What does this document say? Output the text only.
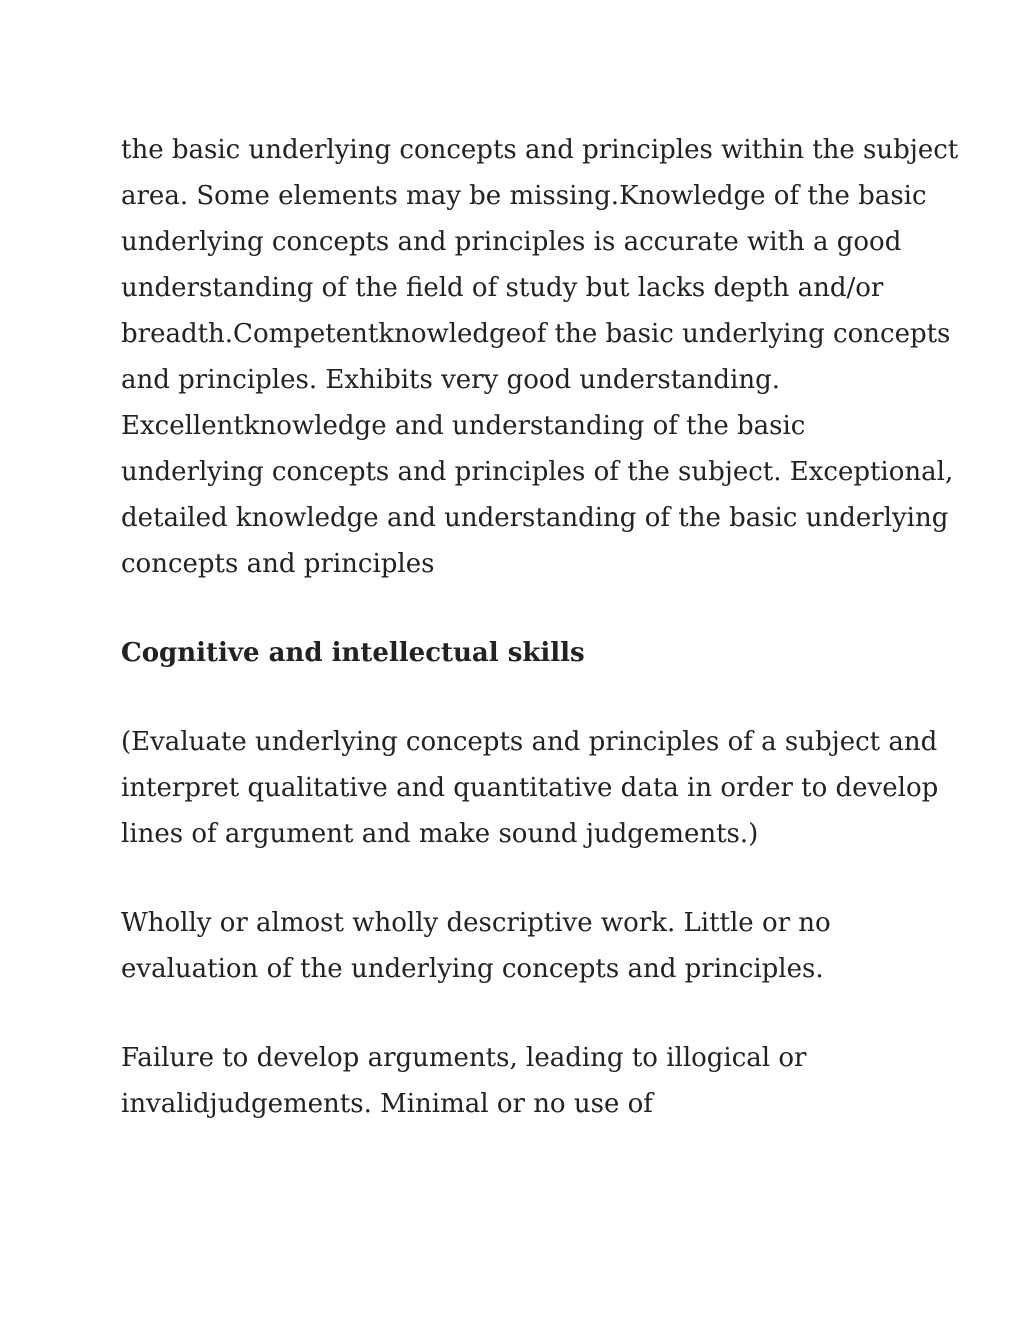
the basic underlying concepts and principles within the subject
area. Some elements may be missing.Knowledge of the basic
underlying concepts and principles is accurate with a good
understanding of the field of study but lacks depth and/or
breadth.Competentknowledgeof the basic underlying concepts
and principles. Exhibits very good understanding.
Excellentknowledge and understanding of the basic
underlying concepts and principles of the subject. Exceptional,
detailed knowledge and understanding of the basic underlying
concepts and principles

Cognitive and intellectual skills

(Evaluate underlying concepts and principles of a subject and
interpret qualitative and quantitative data in order to develop
lines of argument and make sound judgements.)

Wholly or almost wholly descriptive work. Little or no
evaluation of the underlying concepts and principles.

Failure to develop arguments, leading to illogical or
invalidjudgements. Minimal or no use of
